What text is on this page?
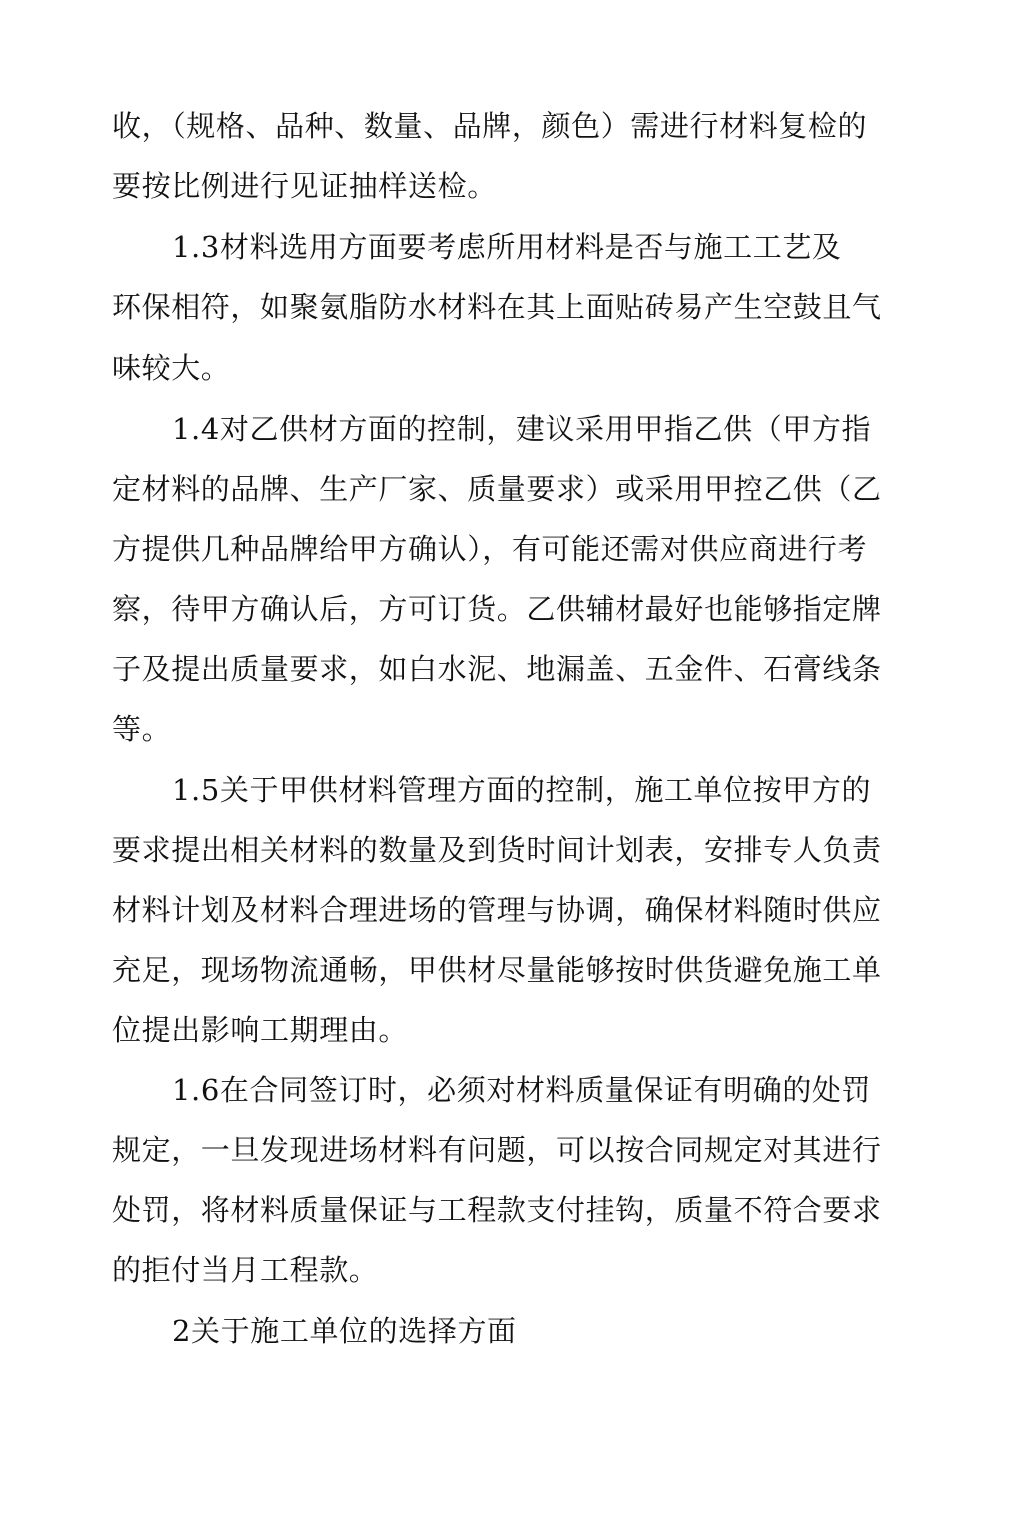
收，（规格、品种、数量、品牌，颜色）需进行材料复检的
要按比例进行见证抽样送检。
1.3材料选用方面要考虑所用材料是否与施工工艺及
环保相符，如聚氨脂防水材料在其上面贴砖易产生空鼓且气
味较大。
1.4对乙供材方面的控制，建议采用甲指乙供（甲方指
定材料的品牌、生产厂家、质量要求）或采用甲控乙供（乙
方提供几种品牌给甲方确认），有可能还需对供应商进行考
察，待甲方确认后，方可订货。乙供辅材最好也能够指定牌
子及提出质量要求，如白水泥、地漏盖、五金件、石膏线条
等。
1.5关于甲供材料管理方面的控制，施工单位按甲方的
要求提出相关材料的数量及到货时间计划表，安排专人负责
材料计划及材料合理进场的管理与协调，确保材料随时供应
充足，现场物流通畅，甲供材尽量能够按时供货避免施工单
位提出影响工期理由。
1.6在合同签订时，必须对材料质量保证有明确的处罚
规定，一旦发现进场材料有问题，可以按合同规定对其进行
处罚，将材料质量保证与工程款支付挂钩，质量不符合要求
的拒付当月工程款。
2关于施工单位的选择方面
